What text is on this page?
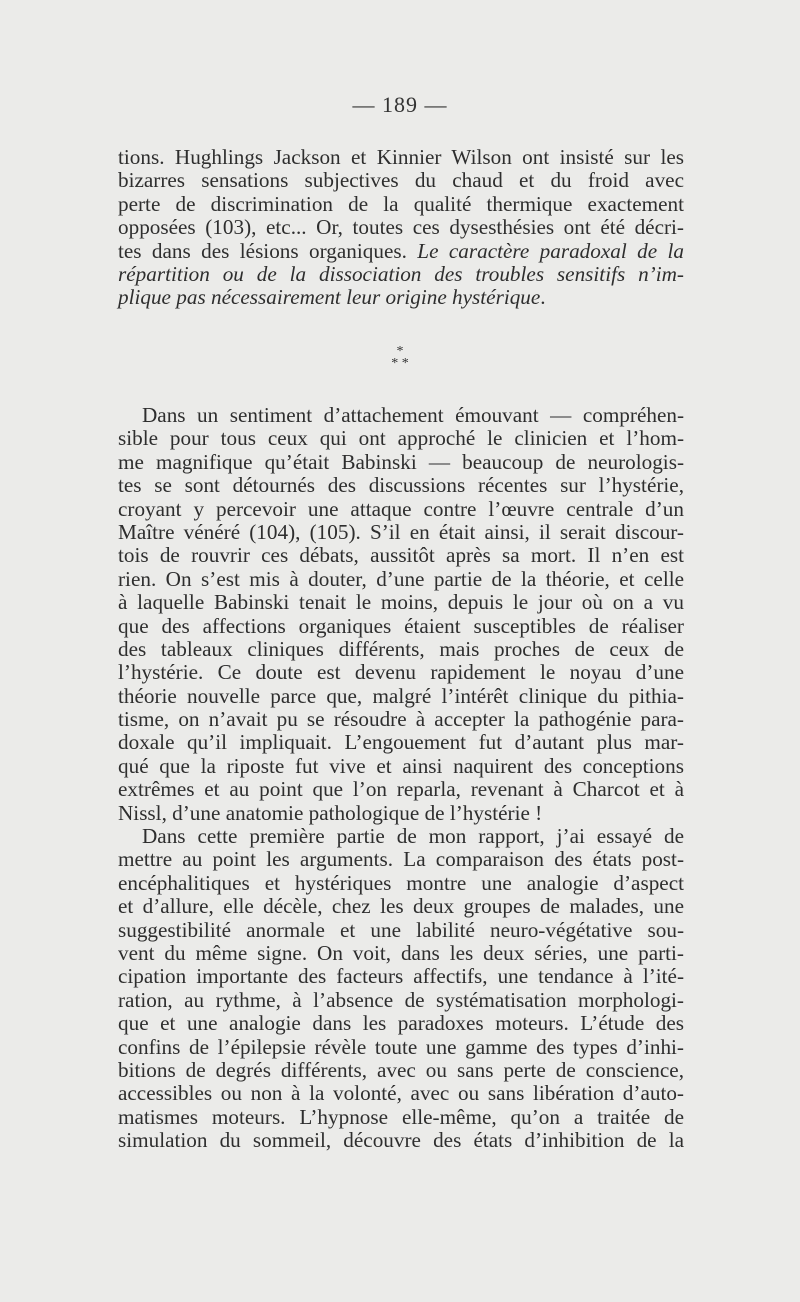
— 189 —
tions. Hughlings Jackson et Kinnier Wilson ont insisté sur les
bizarres sensations subjectives du chaud et du froid avec
perte de discrimination de la qualité thermique exactement
opposées (103), etc... Or, toutes ces dysesthésies ont été décri-
tes dans des lésions organiques. Le caractère paradoxal de la
répartition ou de la dissociation des troubles sensitifs n’im-
plique pas nécessairement leur origine hystérique.
*
* *
Dans un sentiment d’attachement émouvant — compréhen-
sible pour tous ceux qui ont approché le clinicien et l’hom-
me magnifique qu’était Babinski — beaucoup de neurologis-
tes se sont détournés des discussions récentes sur l’hystérie,
croyant y percevoir une attaque contre l’œuvre centrale d’un
Maître vénéré (104), (105). S’il en était ainsi, il serait discour-
tois de rouvrir ces débats, aussitôt après sa mort. Il n’en est
rien. On s’est mis à douter, d’une partie de la théorie, et celle
à laquelle Babinski tenait le moins, depuis le jour où on a vu
que des affections organiques étaient susceptibles de réaliser
des tableaux cliniques différents, mais proches de ceux de
l’hystérie. Ce doute est devenu rapidement le noyau d’une
théorie nouvelle parce que, malgré l’intérêt clinique du pithia-
tisme, on n’avait pu se résoudre à accepter la pathogénie para-
doxale qu’il impliquait. L’engouement fut d’autant plus mar-
qué que la riposte fut vive et ainsi naquirent des conceptions
extrêmes et au point que l’on reparla, revenant à Charcot et à
Nissl, d’une anatomie pathologique de l’hystérie !
Dans cette première partie de mon rapport, j’ai essayé de
mettre au point les arguments. La comparaison des états post-
encéphalitiques et hystériques montre une analogie d’aspect
et d’allure, elle décèle, chez les deux groupes de malades, une
suggestibilité anormale et une labilité neuro-végétative sou-
vent du même signe. On voit, dans les deux séries, une parti-
cipation importante des facteurs affectifs, une tendance à l’ité-
ration, au rythme, à l’absence de systématisation morphologi-
que et une analogie dans les paradoxes moteurs. L’étude des
confins de l’épilepsie révèle toute une gamme des types d’inhi-
bitions de degrés différents, avec ou sans perte de conscience,
accessibles ou non à la volonté, avec ou sans libération d’auto-
matismes moteurs. L’hypnose elle-même, qu’on a traitée de
simulation du sommeil, découvre des états d’inhibition de la
